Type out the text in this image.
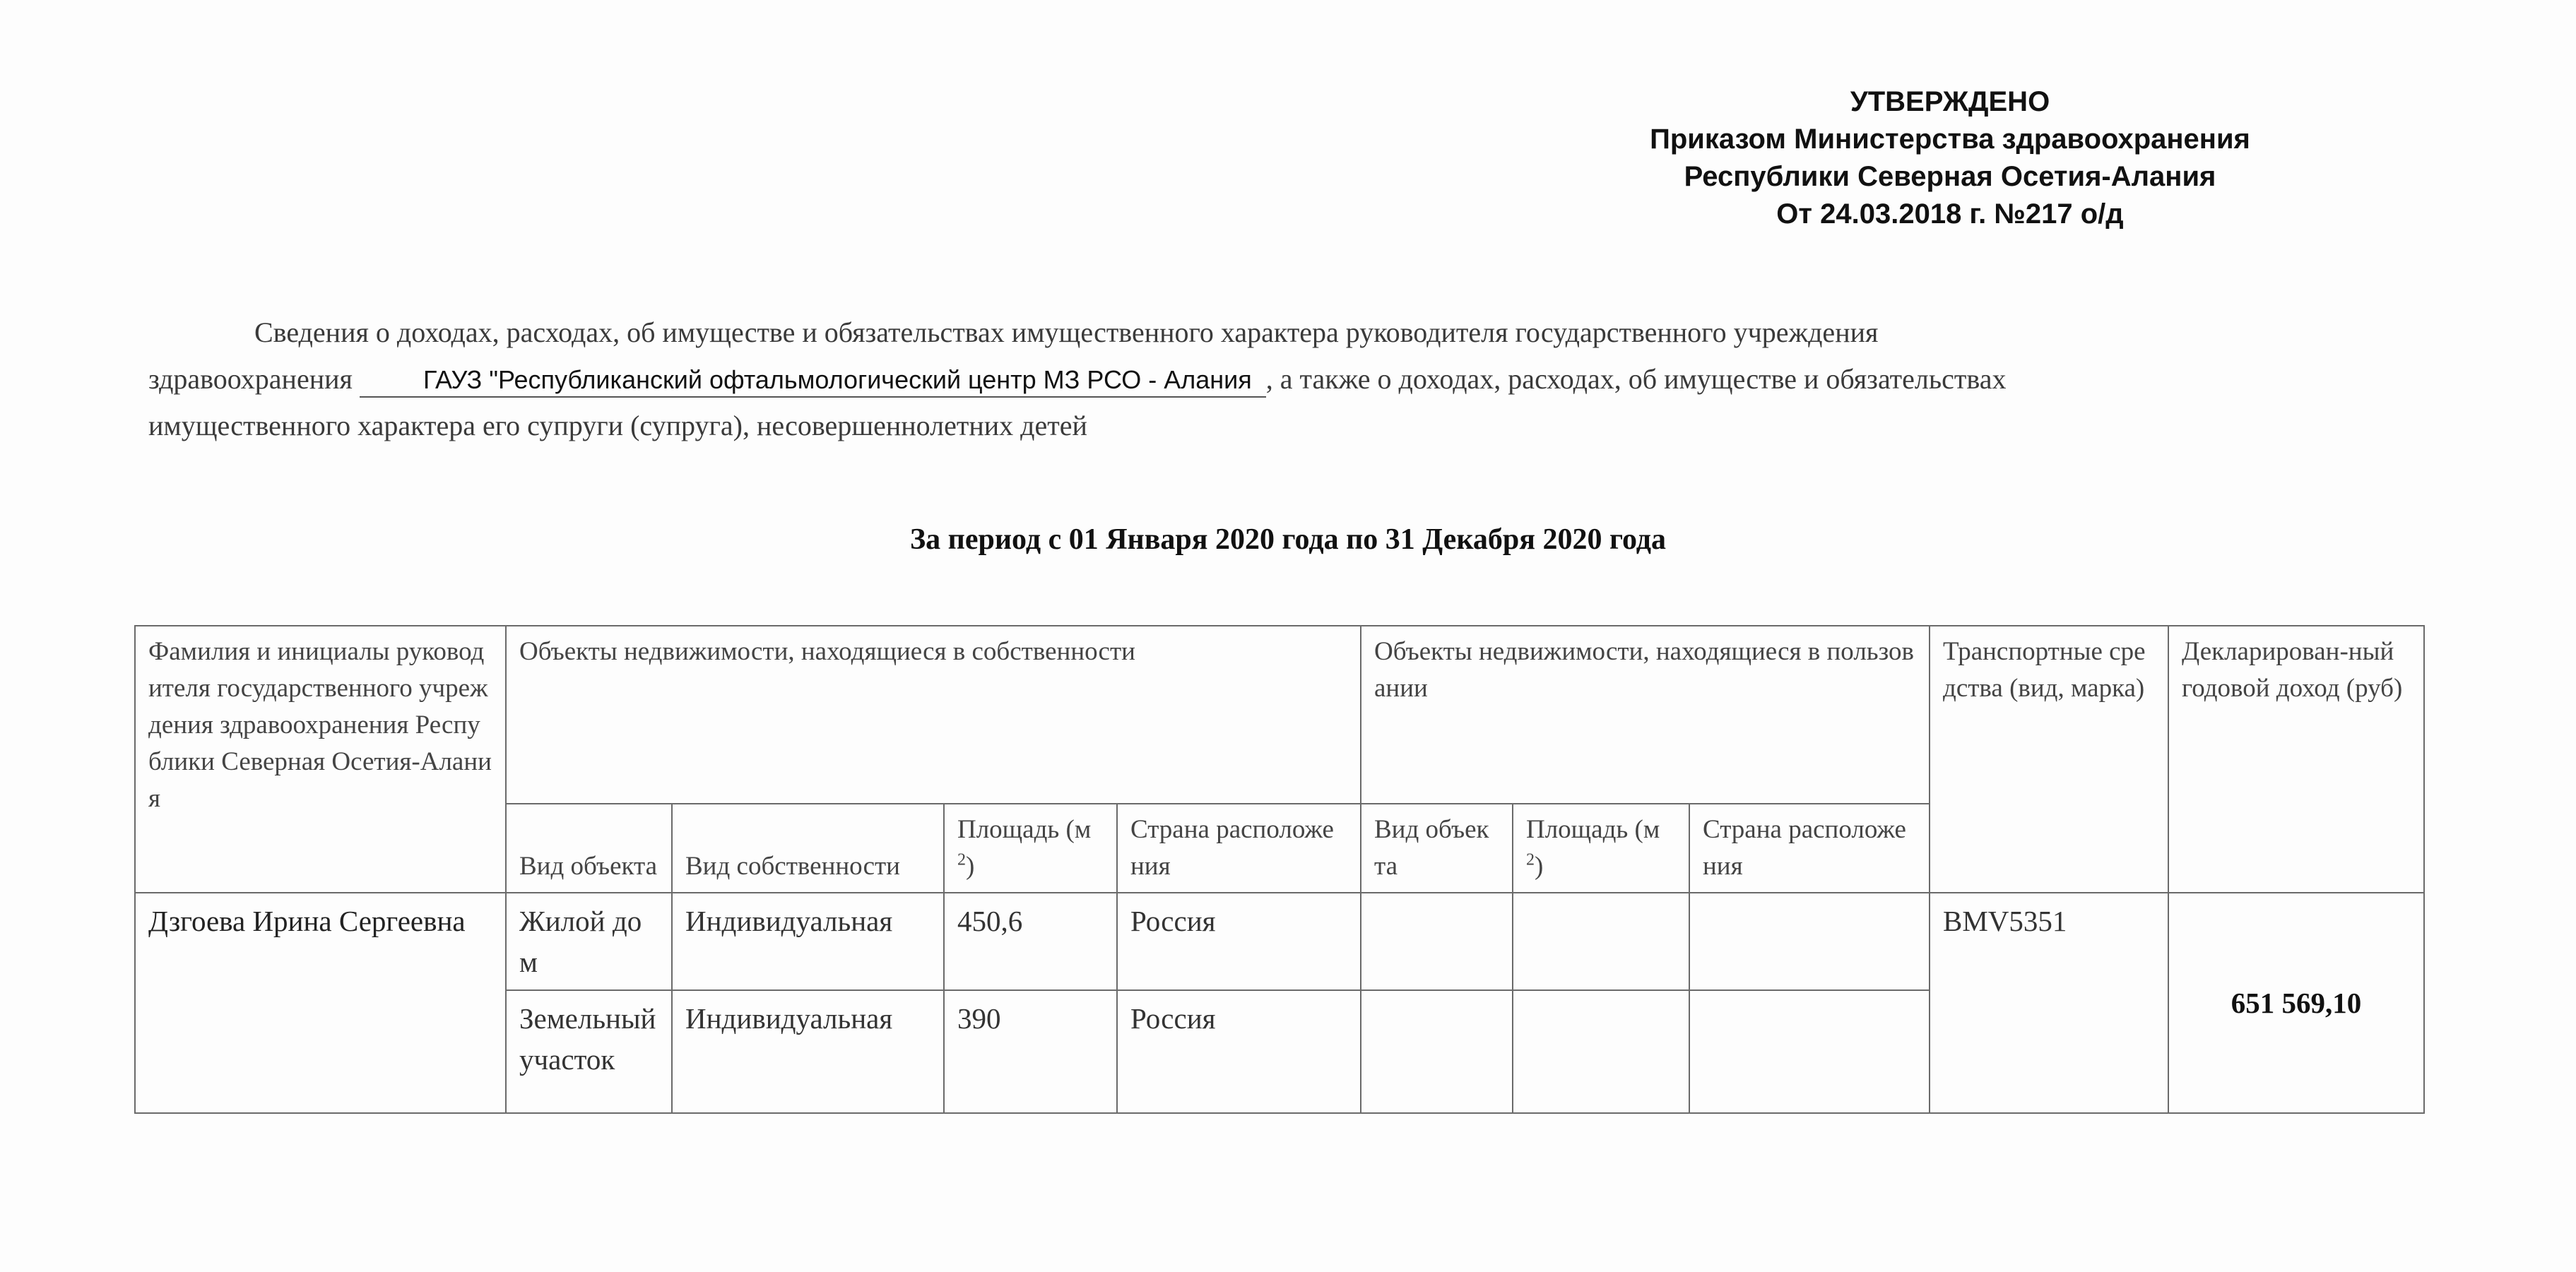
УТВЕРЖДЕНО
Приказом Министерства здравоохранения
Республики Северная Осетия-Алания
От 24.03.2018 г. №217 о/д
Сведения о доходах, расходах, об имуществе и обязательствах имущественного характера руководителя государственного учреждения
здравоохранения	ГАУЗ "Республиканский офтальмологический центр МЗ РСО - Алания , а также о доходах, расходах, об имуществе и обязательствах
имущественного характера его супруги (супруга), несовершеннолетних детей
За период с 01 Января 2020 года по 31 Декабря 2020 года
Фамилия и инициалы руководителя государственного учреждения здравоохранения Республики Северная Осетия-Алания	Объекты недвижимости, находящиеся в собственности				Объекты недвижимости, находящиеся в пользовании			Транспортные средства (вид, марка)	Декларирован-ный годовой доход (руб)
	Вид объекта	Вид собственности	Площадь $(м^2)$	Страна расположения	Вид объекта	Площадь $(м^2)$	Страна расположения		
Дзгоева Ирина Сергеевна	Жилой дом	Индивидуальная	450,6	Россия				BMV5351	651 569,10
	Земельный участок	Индивидуальная	390	Россия					
